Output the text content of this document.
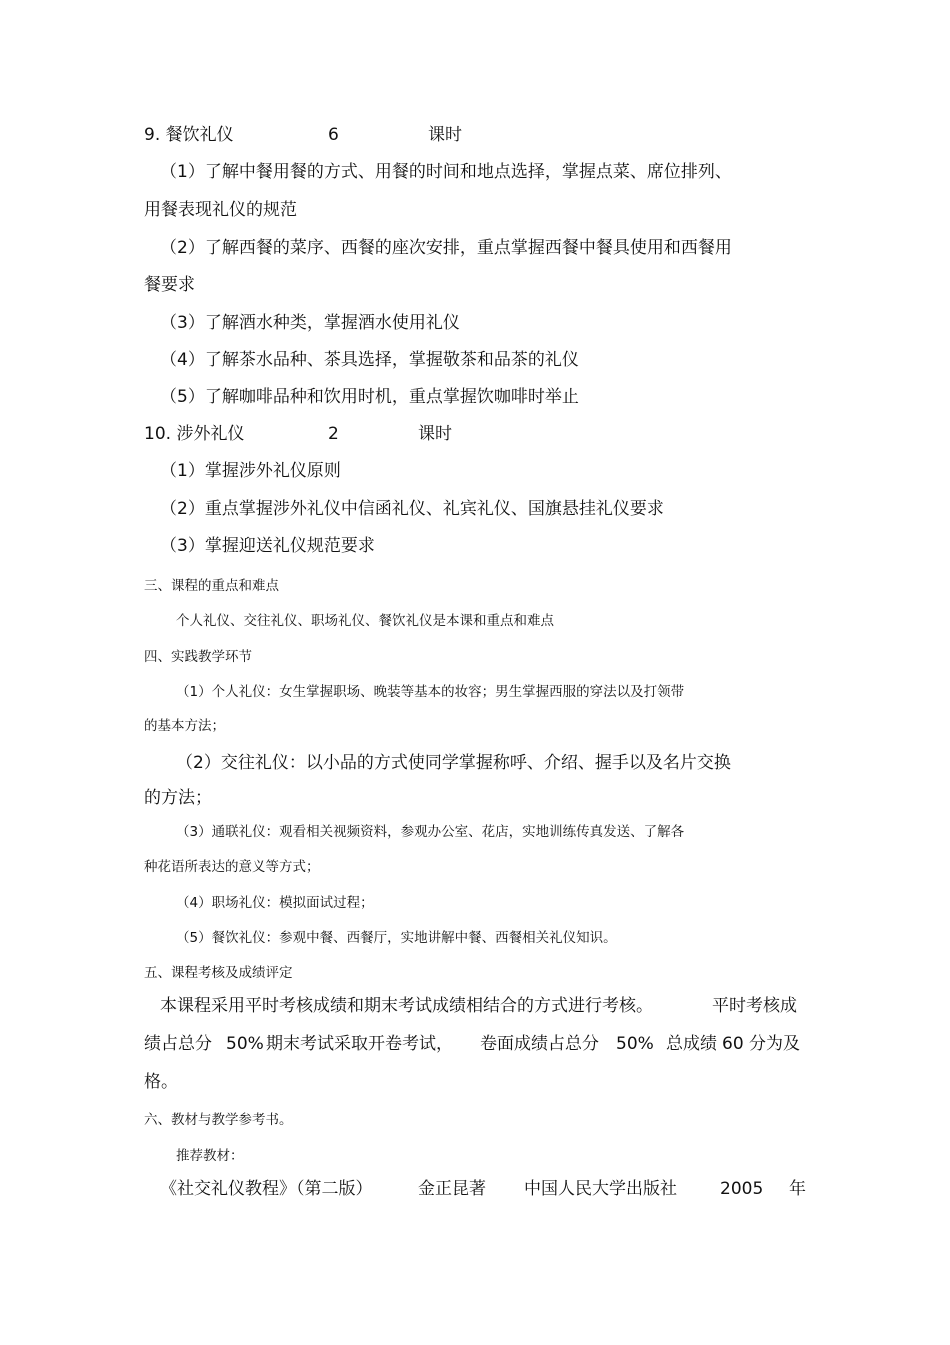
9. 餐饮礼仪	6	课时
（1）了解中餐用餐的方式、用餐的时间和地点选择，掌握点菜、席位排列、
用餐表现礼仪的规范
（2）了解西餐的菜序、西餐的座次安排，重点掌握西餐中餐具使用和西餐用
餐要求
（3）了解酒水种类，掌握酒水使用礼仪
（4）了解茶水品种、茶具选择，掌握敬茶和品茶的礼仪
（5）了解咖啡品种和饮用时机，重点掌握饮咖啡时举止
10. 涉外礼仪	2	课时
（1）掌握涉外礼仪原则
（2）重点掌握涉外礼仪中信函礼仪、礼宾礼仪、国旗悬挂礼仪要求
（3）掌握迎送礼仪规范要求
三、课程的重点和难点
个人礼仪、交往礼仪、职场礼仪、餐饮礼仪是本课和重点和难点
四、实践教学环节
（1）个人礼仪：女生掌握职场、晚装等基本的妆容；男生掌握西服的穿法以及打领带
的基本方法；
（2）交往礼仪：以小品的方式使同学掌握称呼、介绍、握手以及名片交换
的方法；
（3）通联礼仪：观看相关视频资料，参观办公室、花店，实地训练传真发送、了解各
种花语所表达的意义等方式；
（4）职场礼仪：模拟面试过程；
（5）餐饮礼仪：参观中餐、西餐厅，实地讲解中餐、西餐相关礼仪知识。
五、课程考核及成绩评定
本课程采用平时考核成绩和期末考试成绩相结合的方式进行考核。	平时考核成
绩占总分 50% 期末考试采取开卷考试， 卷面成绩占总分 50% 总成绩 60 分为及
格。
六、教材与教学参考书。
推荐教材：
《社交礼仪教程》（第二版）	金正昆著 中国人民大学出版社	2005 年
